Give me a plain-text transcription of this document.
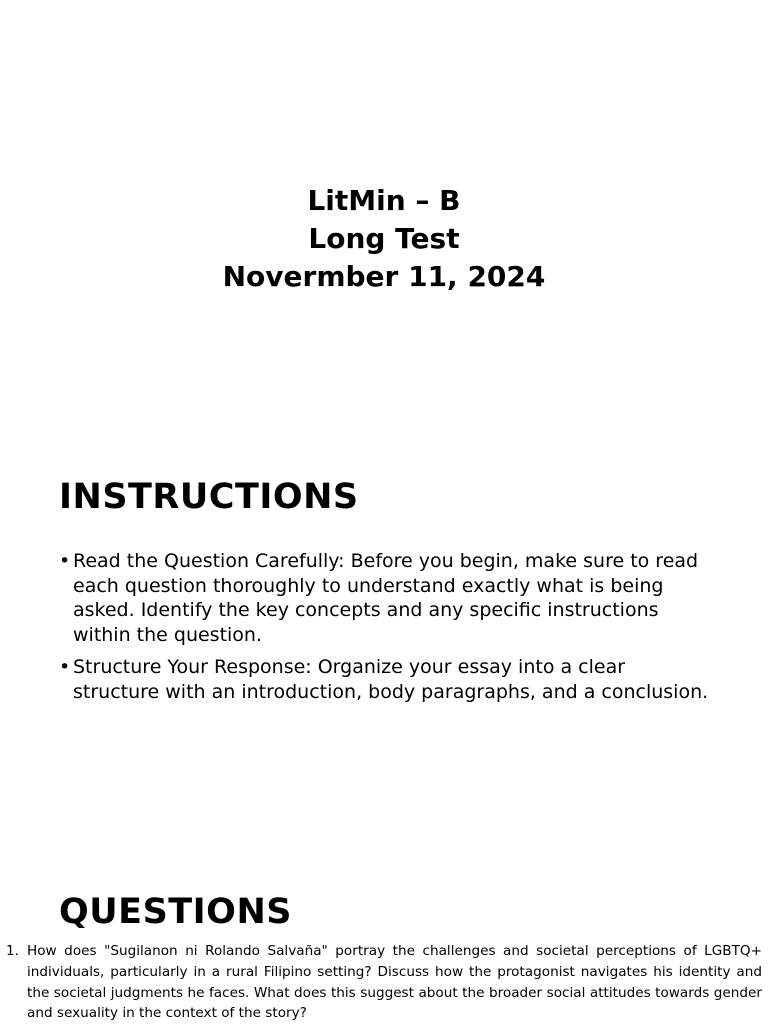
LitMin – B
Long Test
Novermber 11, 2024
INSTRUCTIONS
• Read the Question Carefully: Before you begin, make sure to read each question thoroughly to understand exactly what is being asked. Identify the key concepts and any specific instructions within the question.
• Structure Your Response: Organize your essay into a clear structure with an introduction, body paragraphs, and a conclusion.
QUESTIONS
1. How does "Sugilanon ni Rolando Salvaña" portray the challenges and societal perceptions of LGBTQ+ individuals, particularly in a rural Filipino setting? Discuss how the protagonist navigates his identity and the societal judgments he faces. What does this suggest about the broader social attitudes towards gender and sexuality in the context of the story?
